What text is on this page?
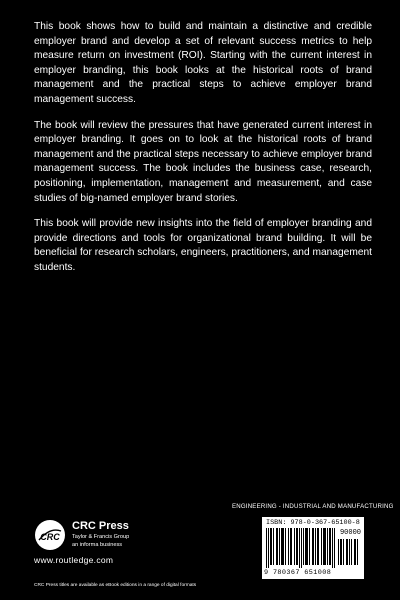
This book shows how to build and maintain a distinctive and credible employer brand and develop a set of relevant success metrics to help measure return on investment (ROI). Starting with the current interest in employer branding, this book looks at the historical roots of brand management and the practical steps to achieve employer brand management success.

The book will review the pressures that have generated current interest in employer branding. It goes on to look at the historical roots of brand management and the practical steps necessary to achieve employer brand management success. The book includes the business case, research, positioning, implementation, management and measurement, and case studies of big-named employer brand stories.

This book will provide new insights into the field of employer branding and provide directions and tools for organizational brand building. It will be beneficial for research scholars, engineers, practitioners, and management students.

ENGINEERING - INDUSTRIAL AND MANUFACTURING
ISBN: 978-0-367-65100-8
90000
9 780367 651008
CRC
CRC Press
Taylor & Francis Group
an informa business
www.routledge.com
CRC Press titles are available as eBook editions in a range of digital formats
